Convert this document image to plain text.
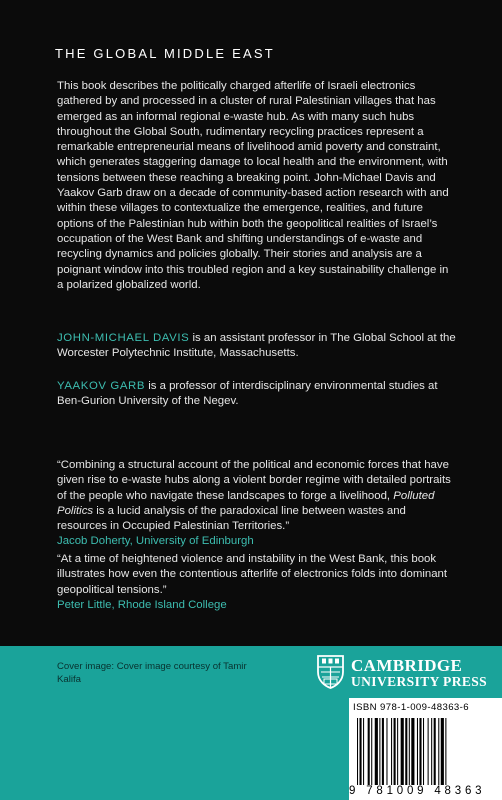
THE GLOBAL MIDDLE EAST

This book describes the politically charged afterlife of Israeli electronics gathered by and processed in a cluster of rural Palestinian villages that has emerged as an informal regional e-waste hub. As with many such hubs throughout the Global South, rudimentary recycling practices represent a remarkable entrepreneurial means of livelihood amid poverty and constraint, which generates staggering damage to local health and the environment, with tensions between these reaching a breaking point. John-Michael Davis and Yaakov Garb draw on a decade of community-based action research with and within these villages to contextualize the emergence, realities, and future options of the Palestinian hub within both the geopolitical realities of Israel’s occupation of the West Bank and shifting understandings of e-waste and recycling dynamics and policies globally. Their stories and analysis are a poignant window into this troubled region and a key sustainability challenge in a polarized globalized world.

JOHN-MICHAEL DAVIS is an assistant professor in The Global School at the Worcester Polytechnic Institute, Massachusetts.

YAAKOV GARB is a professor of interdisciplinary environmental studies at Ben-Gurion University of the Negev.

“Combining a structural account of the political and economic forces that have given rise to e-waste hubs along a violent border regime with detailed portraits of the people who navigate these landscapes to forge a livelihood, Polluted Politics is a lucid analysis of the paradoxical line between wastes and resources in Occupied Palestinian Territories.”
Jacob Doherty, University of Edinburgh

“At a time of heightened violence and instability in the West Bank, this book illustrates how even the contentious afterlife of electronics folds into dominant geopolitical tensions.”
Peter Little, Rhode Island College

Cover image: Cover image courtesy of Tamir Kalifa
CAMBRIDGE
UNIVERSITY PRESS
ISBN 978-1-009-48363-6
9 781009 48363
